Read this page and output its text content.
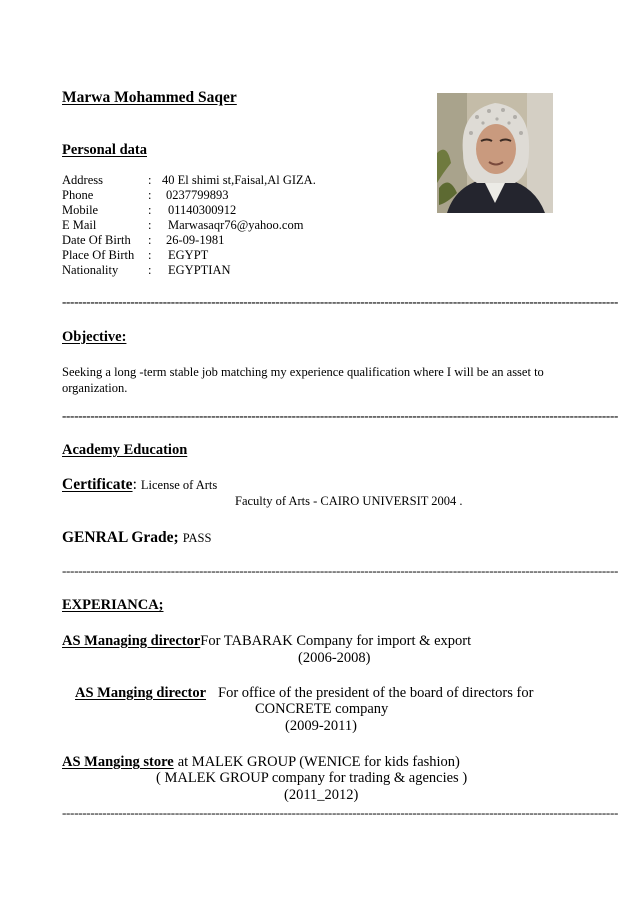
Marwa Mohammed Saqer
Personal data
Address	: 40 El shimi st,Faisal,Al GIZA.
Phone	: 0237799893
Mobile	: 01140300912
E Mail	: Marwasaqr76@yahoo.com
Date Of Birth : 26-09-1981
Place Of Birth : EGYPT
Nationality : EGYPTIAN
------------------------------------------------------------------------------------------------------------------------------------------
Objective:
Seeking a long -term stable job matching my experience qualification where I will be an asset to
organization.
------------------------------------------------------------------------------------------------------------------------------------------
Academy Education
Certificate: License of Arts
Faculty of Arts - CAIRO UNIVERSIT 2004 .
GENRAL Grade; PASS
------------------------------------------------------------------------------------------------------------------------------------------
EXPERIANCA;
AS Managing directorFor TABARAK Company for import & export
(2006-2008)
AS Manging director For office of the president of the board of directors for
CONCRETE company
(2009-2011)
AS Manging store at MALEK GROUP (WENICE for kids fashion)
( MALEK GROUP company for trading & agencies )
(2011_2012)
------------------------------------------------------------------------------------------------------------------------------------------
